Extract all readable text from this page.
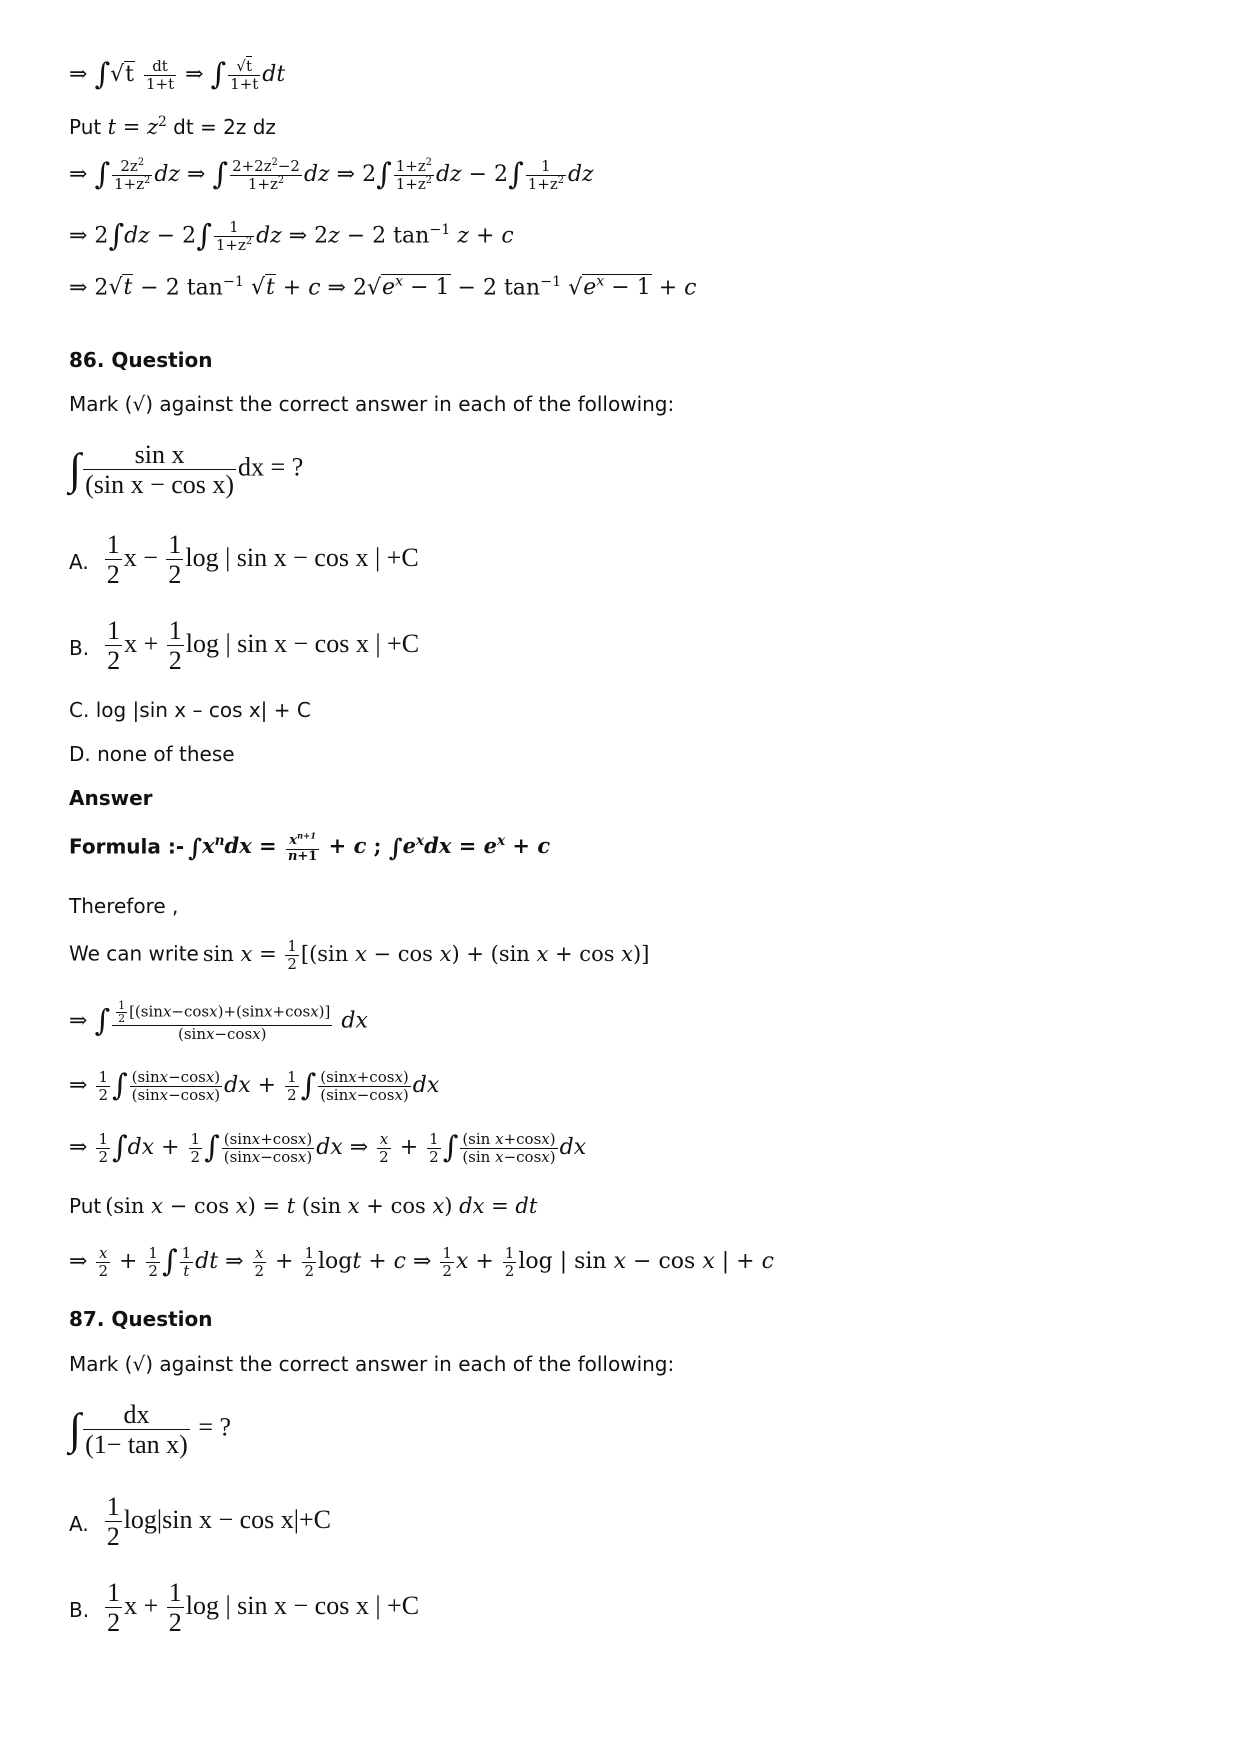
⇒ $\int√t \frac{dt}{1+t}$ ⇒ ∫ $\frac{√t}{1+t}$ dt
Put $t = z^2$ dt = 2z dz
⇒ ∫ $\frac{2z^2}{1+z^2}$ dz ⇒ ∫ $\frac{2+2z^2-2}{1+z^2}$ dz ⇒ $2\int \frac{1+z^2}{1+z^2}$ dz − $2\int \frac{1}{1+z^2}$ dz
⇒ $2\int dz - 2\int \frac{1}{1+z^2}$ dz ⇒ 2z − 2 $\tan^{-1} z + c$
⇒ 2√t − 2 $\tan^{-1} √t + c$ ⇒ $2√e^x - 1 - 2$ $\tan^{-1} √e^x - 1 + c$
86. Question
Mark (√) against the correct answer in each of the following:
∫ $\frac{\text{sin x}}{\text{(sin x − cos x)}}$ dx = ?
A. $\frac{1}{2}$ $x - \frac{1}{2}$ log | sin x − cos x | +C
B. $\frac{1}{2}$ $x + \frac{1}{2}$ log | sin x − cos x | +C
C. log |sin x – cos x| + C
D. none of these
Answer
Formula :- $\int x^ndx = \frac{x^{n+1}}{n+1} + c$ ; $\int e^xdx = e^x + c$
Therefore ,
We can write $\sin x = \frac{1}{2} [(\sin$ x − cos x) + (sin x + cos x)]
⇒ ∫ $\frac{\frac{1}{2} [(\sin x-\cos x)+(\sin x+\cos x)]}{(\sin x-\cos x)}$ dx
⇒ $\frac{1}{2}$ ∫ $\frac{(\sin x-\cos x)}{(\sin x-\cos x)}$ dx + $\frac{1}{2}$ ∫ $\frac{(\sin x+\cos x)}{(\sin x-\cos x)}$ dx
⇒ $\frac{1}{2} \int dx + \frac{1}{2}$ ∫ $\frac{(\sin x+\cos x)}{(\sin x-\cos x)}$ dx ⇒ $\frac{x}{2} + \frac{1}{2}$ ∫ $\frac{\text{(sin x+cosx)}}{\text{(sin x−cosx)}}$ dx
Put (sin x − cos x) = t (sin x + cos x) dx = dt
⇒ $\frac{x}{2} + \frac{1}{2}$ ∫ $\frac{1}{t}$ dt ⇒ $\frac{x}{2} + \frac{1}{2}$ logt + c ⇒ $\frac{1}{2}$ $x + \frac{1}{2}$ log | sin x − cos x | + c
87. Question
Mark (√) against the correct answer in each of the following:
∫ $\frac{dx}{\text{(1− tan x)}}$ = ?
A. $\frac{1}{2} \log|\sin$ x − cos x|+C
B. $\frac{1}{2}$ $x + \frac{1}{2}$ log | sin x − cos x | +C
